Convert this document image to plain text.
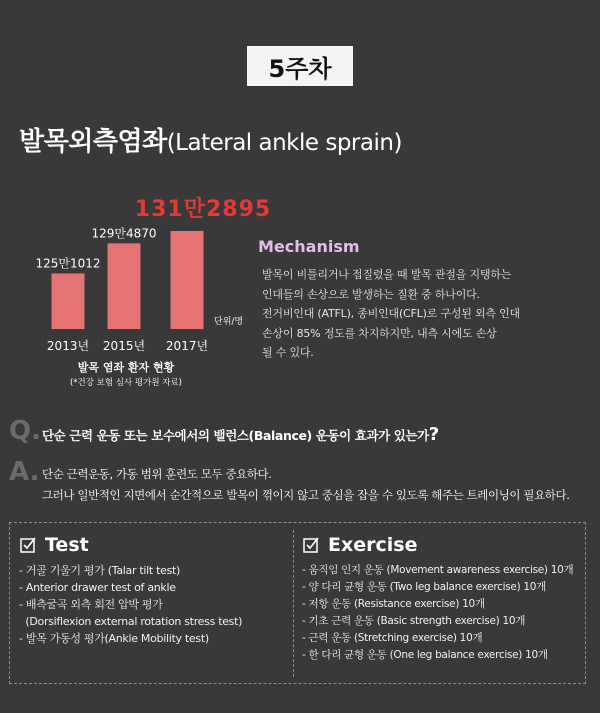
5주차
발목외측염좌(Lateral ankle sprain)
125만1012
2013년
129만4870
2015년
131만2895
2017년
단위/명
발목 염좌 환자 현황
(*건강 보험 심사 평가원 자료)
Mechanism
발목이 비틀리거나 접질렸을 때 발목 관절을 지탱하는
인대들의 손상으로 발생하는 질환 중 하나이다.
전거비인대 (ATFL), 종비인대(CFL)로 구성된 외측 인대
손상이 85% 정도를 차지하지만, 내측 시에도 손상
될 수 있다.
Q. 단순 근력 운동 또는 보수에서의 밸런스(Balance) 운동이 효과가 있는가?
A. 단순 근력운동, 가동 범위 훈련도 모두 중요하다.
그러나 일반적인 지면에서 순간적으로 발목이 꺾이지 않고 중심을 잡을 수 있도록 해주는 트레이닝이 필요하다.
Test
- 거골 기울기 평가 (Talar tilt test)
- Anterior drawer test of ankle
- 배측굴곡 외측 회전 압박 평가
(Dorsiflexion external rotation stress test)
- 발목 가동성 평가(Ankle Mobility test)
Exercise
- 움직임 인지 운동 (Movement awareness exercise) 10개
- 양 다리 균형 운동 (Two leg balance exercise) 10개
- 저항 운동 (Resistance exercise) 10개
- 기초 근력 운동 (Basic strength exercise) 10개
- 근력 운동 (Stretching exercise) 10개
- 한 다리 균형 운동 (One leg balance exercise) 10개
